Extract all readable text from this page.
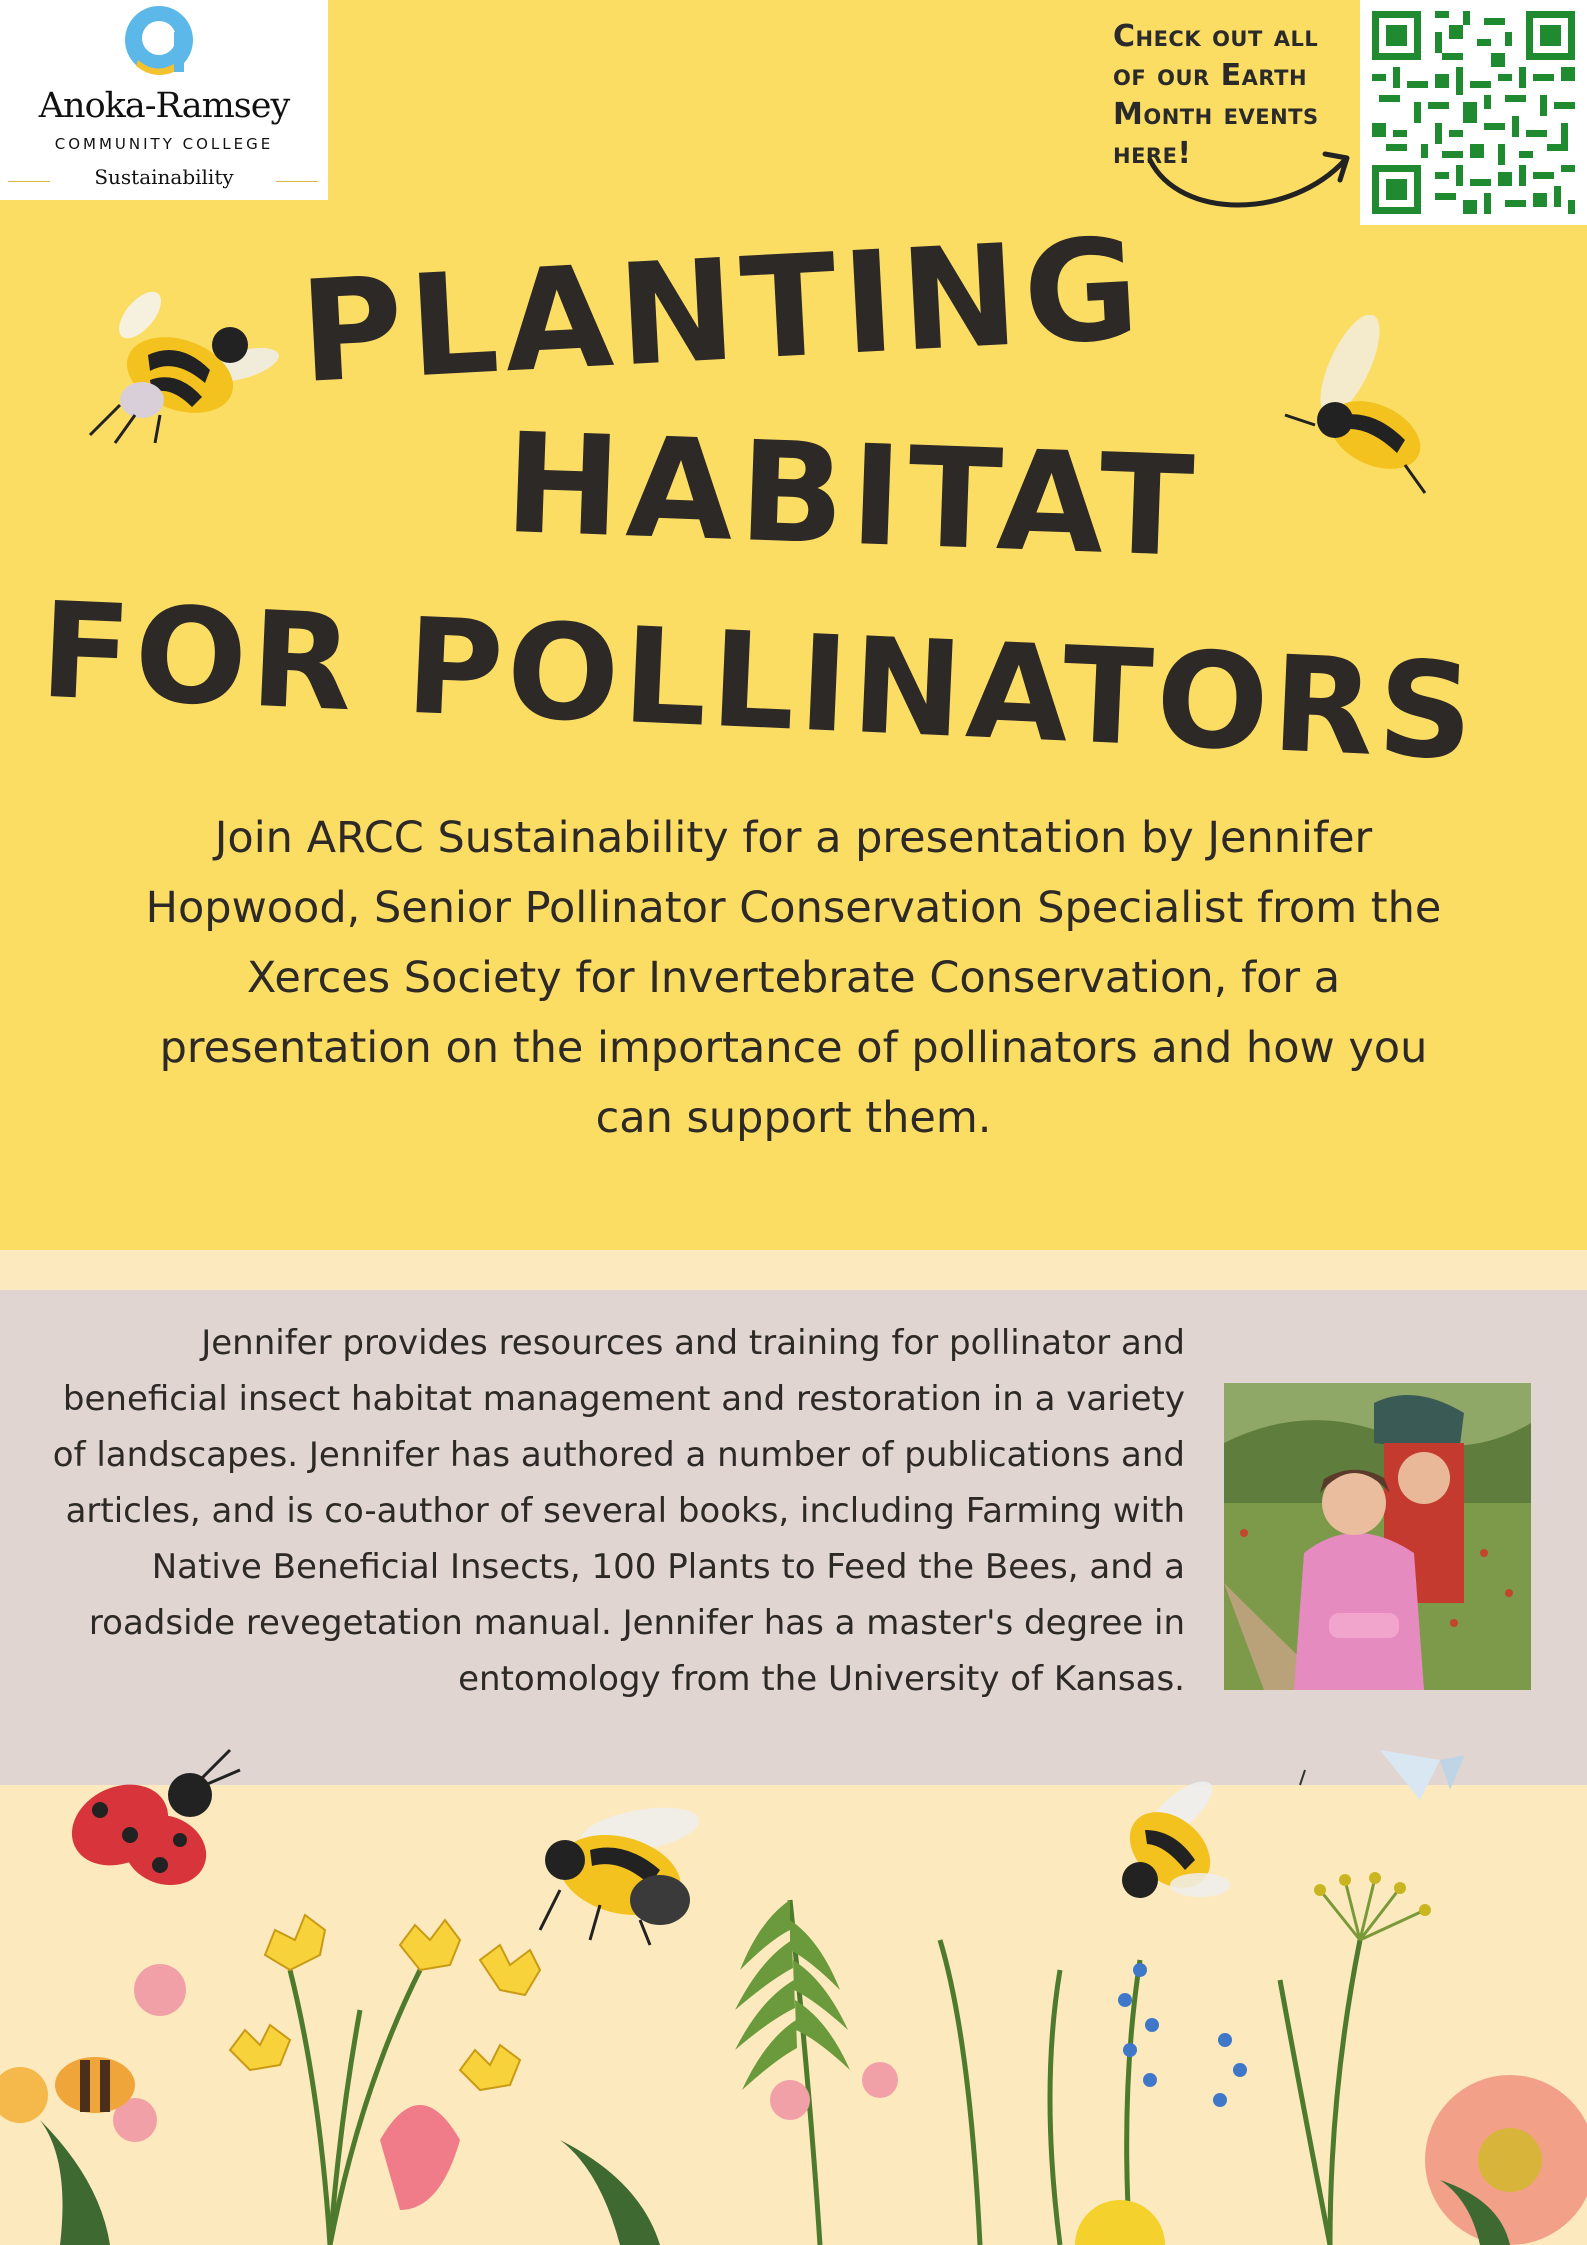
Anoka-Ramsey
COMMUNITY COLLEGE
Sustainability
Check out all of our Earth Month events here!
PLANTING
HABITAT
FOR POLLINATORS
Join ARCC Sustainability for a presentation by Jennifer Hopwood, Senior Pollinator Conservation Specialist from the Xerces Society for Invertebrate Conservation, for a presentation on the importance of pollinators and how you can support them.
Jennifer provides resources and training for pollinator and beneficial insect habitat management and restoration in a variety of landscapes. Jennifer has authored a number of publications and articles, and is co-author of several books, including Farming with Native Beneficial Insects, 100 Plants to Feed the Bees, and a roadside revegetation manual. Jennifer has a master's degree in entomology from the University of Kansas.
